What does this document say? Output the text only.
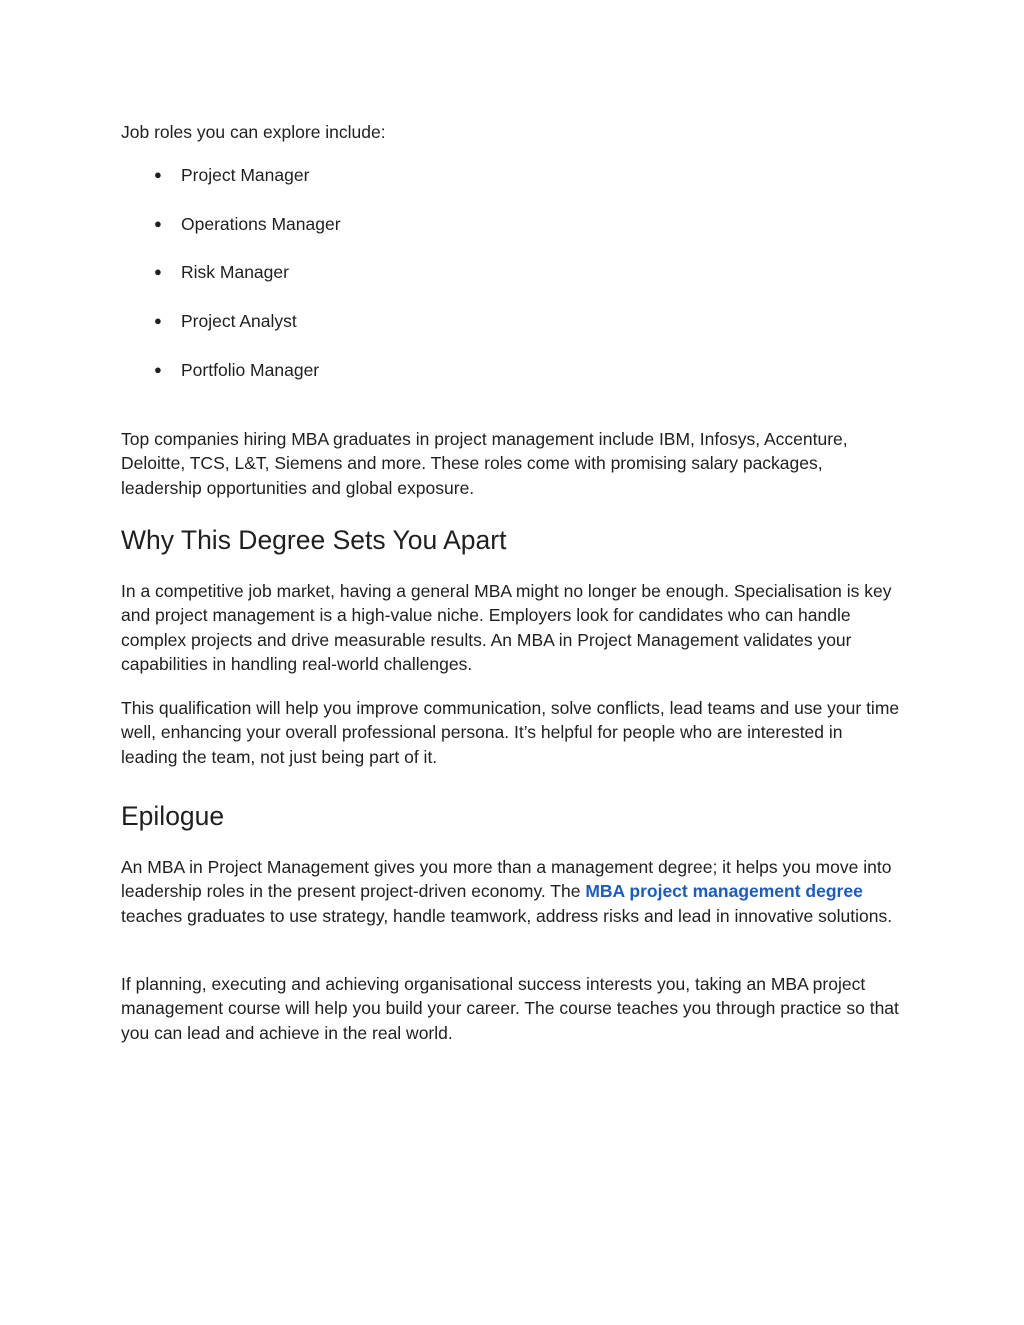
Job roles you can explore include:

● Project Manager
● Operations Manager
● Risk Manager
● Project Analyst
● Portfolio Manager

Top companies hiring MBA graduates in project management include IBM, Infosys, Accenture, Deloitte, TCS, L&T, Siemens and more. These roles come with promising salary packages, leadership opportunities and global exposure.

Why This Degree Sets You Apart

In a competitive job market, having a general MBA might no longer be enough. Specialisation is key and project management is a high-value niche. Employers look for candidates who can handle complex projects and drive measurable results. An MBA in Project Management validates your capabilities in handling real-world challenges.

This qualification will help you improve communication, solve conflicts, lead teams and use your time well, enhancing your overall professional persona. It’s helpful for people who are interested in leading the team, not just being part of it.

Epilogue

An MBA in Project Management gives you more than a management degree; it helps you move into leadership roles in the present project-driven economy. The MBA project management degree teaches graduates to use strategy, handle teamwork, address risks and lead in innovative solutions.

If planning, executing and achieving organisational success interests you, taking an MBA project management course will help you build your career. The course teaches you through practice so that you can lead and achieve in the real world.
